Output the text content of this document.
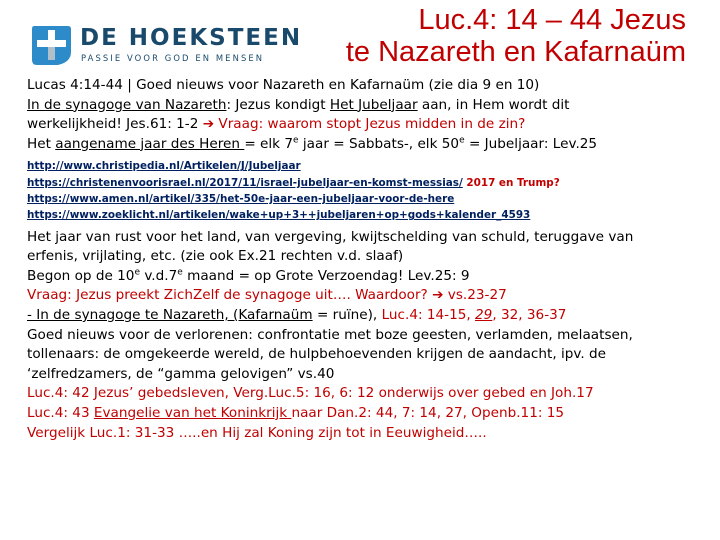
DE HOEKSTEEN
PASSIE VOOR GOD EN MENSEN
Luc.4: 14 – 44 Jezus
te Nazareth en Kafarnaüm
Lucas 4:14-44 | Goed nieuws voor Nazareth en Kafarnaüm (zie dia 9 en 10)
In de synagoge van Nazareth: Jezus kondigt Het Jubeljaar aan, in Hem wordt dit
werkelijkheid! Jes.61: 1-2 ➔ Vraag: waarom stopt Jezus midden in de zin?
Het aangename jaar des Heren = elk 7e jaar = Sabbats-, elk $50^e$ = Jubeljaar: Lev.25
http://www.christipedia.nl/Artikelen/J/Jubeljaar
https://christenenvoorisrael.nl/2017/11/israel-jubeljaar-en-komst-messias/ 2017 en Trump?
https://www.amen.nl/artikel/335/het-50e-jaar-een-jubeljaar-voor-de-here
https://www.zoeklicht.nl/artikelen/wake+up+3++jubeljaren+op+gods+kalender_4593
Het jaar van rust voor het land, van vergeving, kwijtschelding van schuld, teruggave van
erfenis, vrijlating, etc. (zie ook Ex.21 rechten v.d. slaaf)
Begon op de 10e v.d.7e maand = op Grote Verzoendag! Lev.25: 9
Vraag: Jezus preekt ZichZelf de synagoge uit…. Waardoor? ➔ vs.23-27
- In de synagoge te Nazareth, (Kafarnaüm = ruïne), Luc.4: 14-15, 29, 32, 36-37
Goed nieuws voor de verlorenen: confrontatie met boze geesten, verlamden, melaatsen,
tollenaars: de omgekeerde wereld, de hulpbehoevenden krijgen de aandacht, ipv. de
‘zelfredzamers, de “gamma gelovigen” vs.40
Luc.4: 42 Jezus’ gebedsleven, Verg.Luc.5: 16, 6: 12 onderwijs over gebed en Joh.17
Luc.4: 43 Evangelie van het Koninkrijk naar Dan.2: 44, 7: 14, 27, Openb.11: 15
Vergelijk Luc.1: 31-33 …..en Hij zal Koning zijn tot in Eeuwigheid…..
